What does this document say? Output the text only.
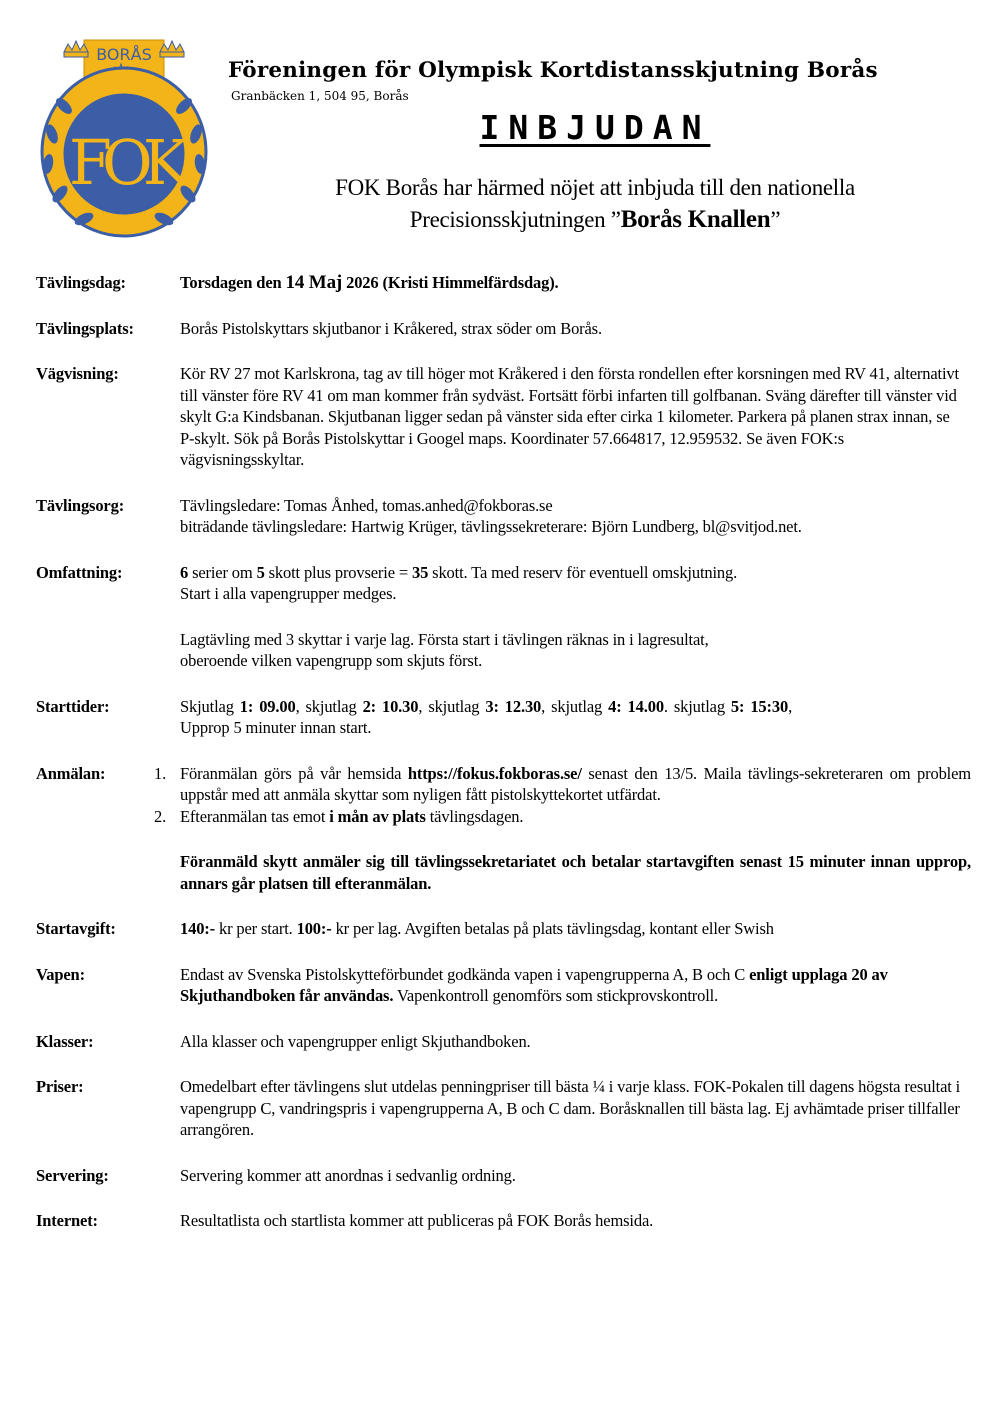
BORÅS
FOK
Föreningen för Olympisk Kortdistansskjutning Borås
Granbäcken 1, 504 95, Borås
INBJUDAN
FOK Borås har härmed nöjet att inbjuda till den nationella
Precisionsskjutningen ”Borås Knallen”
Tävlingsdag:	Torsdagen den 14 Maj 2026 (Kristi Himmelfärdsdag).
Tävlingsplats:	Borås Pistolskyttars skjutbanor i Kråkered, strax söder om Borås.
Vägvisning:	Kör RV 27 mot Karlskrona, tag av till höger mot Kråkered i den första rondellen efter korsningen med RV 41, alternativt till vänster före RV 41 om man kommer från sydväst. Fortsätt förbi infarten till golfbanan. Sväng därefter till vänster vid skylt G:a Kindsbanan. Skjutbanan ligger sedan på vänster sida efter cirka 1 kilometer. Parkera på planen strax innan, se P-skylt. Sök på Borås Pistolskyttar i Googel maps. Koordinater 57.664817, 12.959532. Se även FOK:s vägvisningsskyltar.
Tävlingsorg:	Tävlingsledare: Tomas Ånhed, tomas.anhed@fokboras.se

biträdande tävlingsledare: Hartwig Krüger, tävlingssekreterare: Björn Lundberg, bl@svitjod.net.

Omfattning:	6 serier om 5 skott plus provserie = 35 skott. Ta med reserv för eventuell omskjutning.

Start i alla vapengrupper medges.

Lagtävling med 3 skyttar i varje lag. Första start i tävlingen räknas in i lagresultat,

oberoende vilken vapengrupp som skjuts först.

Starttider:	Skjutlag 1: 09.00, skjutlag 2: 10.30, skjutlag 3: 12.30, skjutlag 4: 14.00. skjutlag 5: 15:30,

Upprop 5 minuter innan start.

Anmälan:	1. Föranmälan görs på vår hemsida https://fokus.fokboras.se/ senast den 13/5. Maila tävlings-sekreteraren om problem uppstår med att anmäla skyttar som nyligen fått pistolskyttekortet utfärdat.
2. Efteranmälan tas emot i mån av plats tävlingsdagen.
Föranmäld skytt anmäler sig till tävlingssekretariatet och betalar startavgiften senast 15 minuter innan upprop, annars går platsen till efteranmälan.
Startavgift:	140:- kr per start. 100:- kr per lag. Avgiften betalas på plats tävlingsdag, kontant eller Swish
Vapen:	Endast av Svenska Pistolskytteförbundet godkända vapen i vapengrupperna A, B och C enligt upplaga 20 av Skjuthandboken får användas. Vapenkontroll genomförs som stickprovskontroll.
Klasser:	Alla klasser och vapengrupper enligt Skjuthandboken.
Priser:	Omedelbart efter tävlingens slut utdelas penningpriser till bästa ¼ i varje klass. FOK-Pokalen till dagens högsta resultat i vapengrupp C, vandringspris i vapengrupperna A, B och C dam. Boråsknallen till bästa lag. Ej avhämtade priser tillfaller arrangören.
Servering:	Servering kommer att anordnas i sedvanlig ordning.
Internet:	Resultatlista och startlista kommer att publiceras på FOK Borås hemsida.
